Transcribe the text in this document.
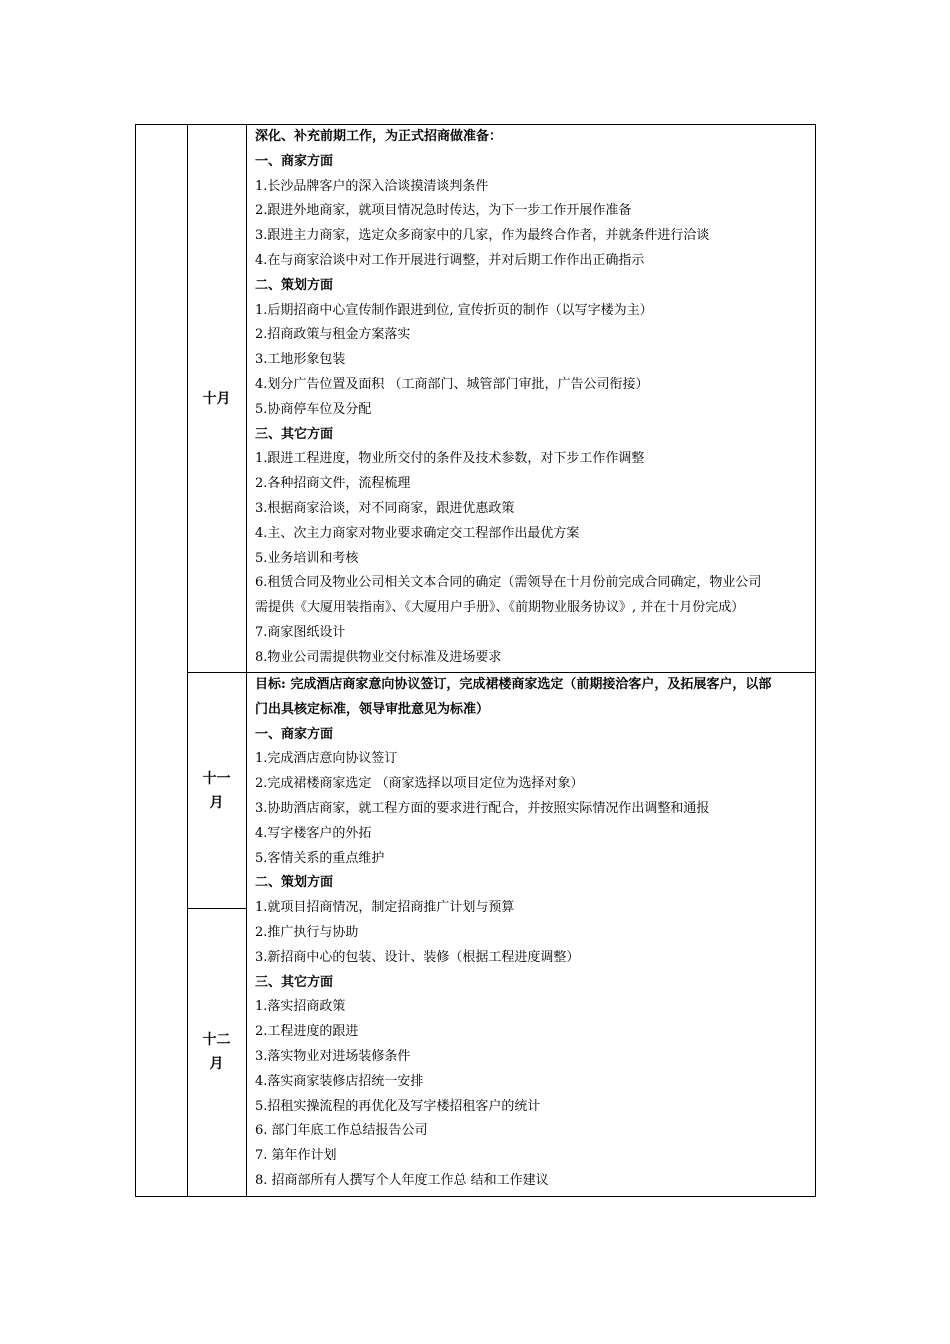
十月
十一
月
十二
月

深化、补充前期工作，为正式招商做准备：

一、商家方面

1.长沙品牌客户的深入洽谈摸清谈判条件

2.跟进外地商家，就项目情况急时传达，为下一步工作开展作准备

3.跟进主力商家，选定众多商家中的几家，作为最终合作者，并就条件进行洽谈

4.在与商家洽谈中对工作开展进行调整，并对后期工作作出正确指示

二、策划方面

1.后期招商中心宣传制作跟进到位, 宣传折页的制作（以写字楼为主）

2.招商政策与租金方案落实

3.工地形象包装

4.划分广告位置及面积 （工商部门、城管部门审批，广告公司衔接）

5.协商停车位及分配

三、其它方面

1.跟进工程进度，物业所交付的条件及技术参数，对下步工作作调整

2.各种招商文件，流程梳理

3.根据商家洽谈，对不同商家，跟进优惠政策

4.主、次主力商家对物业要求确定交工程部作出最优方案

5.业务培训和考核

6.租赁合同及物业公司相关文本合同的确定（需领导在十月份前完成合同确定，物业公司

需提供《大厦用装指南》、《大厦用户手册》、《前期物业服务协议》, 并在十月份完成）

7.商家图纸设计

8.物业公司需提供物业交付标准及进场要求

目标: 完成酒店商家意向协议签订，完成裙楼商家选定（前期接洽客户，及拓展客户，以部

门出具核定标准，领导审批意见为标准）

一、商家方面

1.完成酒店意向协议签订

2.完成裙楼商家选定 （商家选择以项目定位为选择对象）

3.协助酒店商家，就工程方面的要求进行配合，并按照实际情况作出调整和通报

4.写字楼客户的外拓

5.客情关系的重点维护

二、策划方面

1.就项目招商情况，制定招商推广计划与预算

2.推广执行与协助

3.新招商中心的包装、设计、装修（根据工程进度调整）

三、其它方面

1.落实招商政策

2.工程进度的跟进

3.落实物业对进场装修条件

4.落实商家装修店招统一安排

5.招租实操流程的再优化及写字楼招租客户的统计

6. 部门年底工作总结报告公司

7. 第年作计划

8. 招商部所有人撰写个人年度工作总 结和工作建议
